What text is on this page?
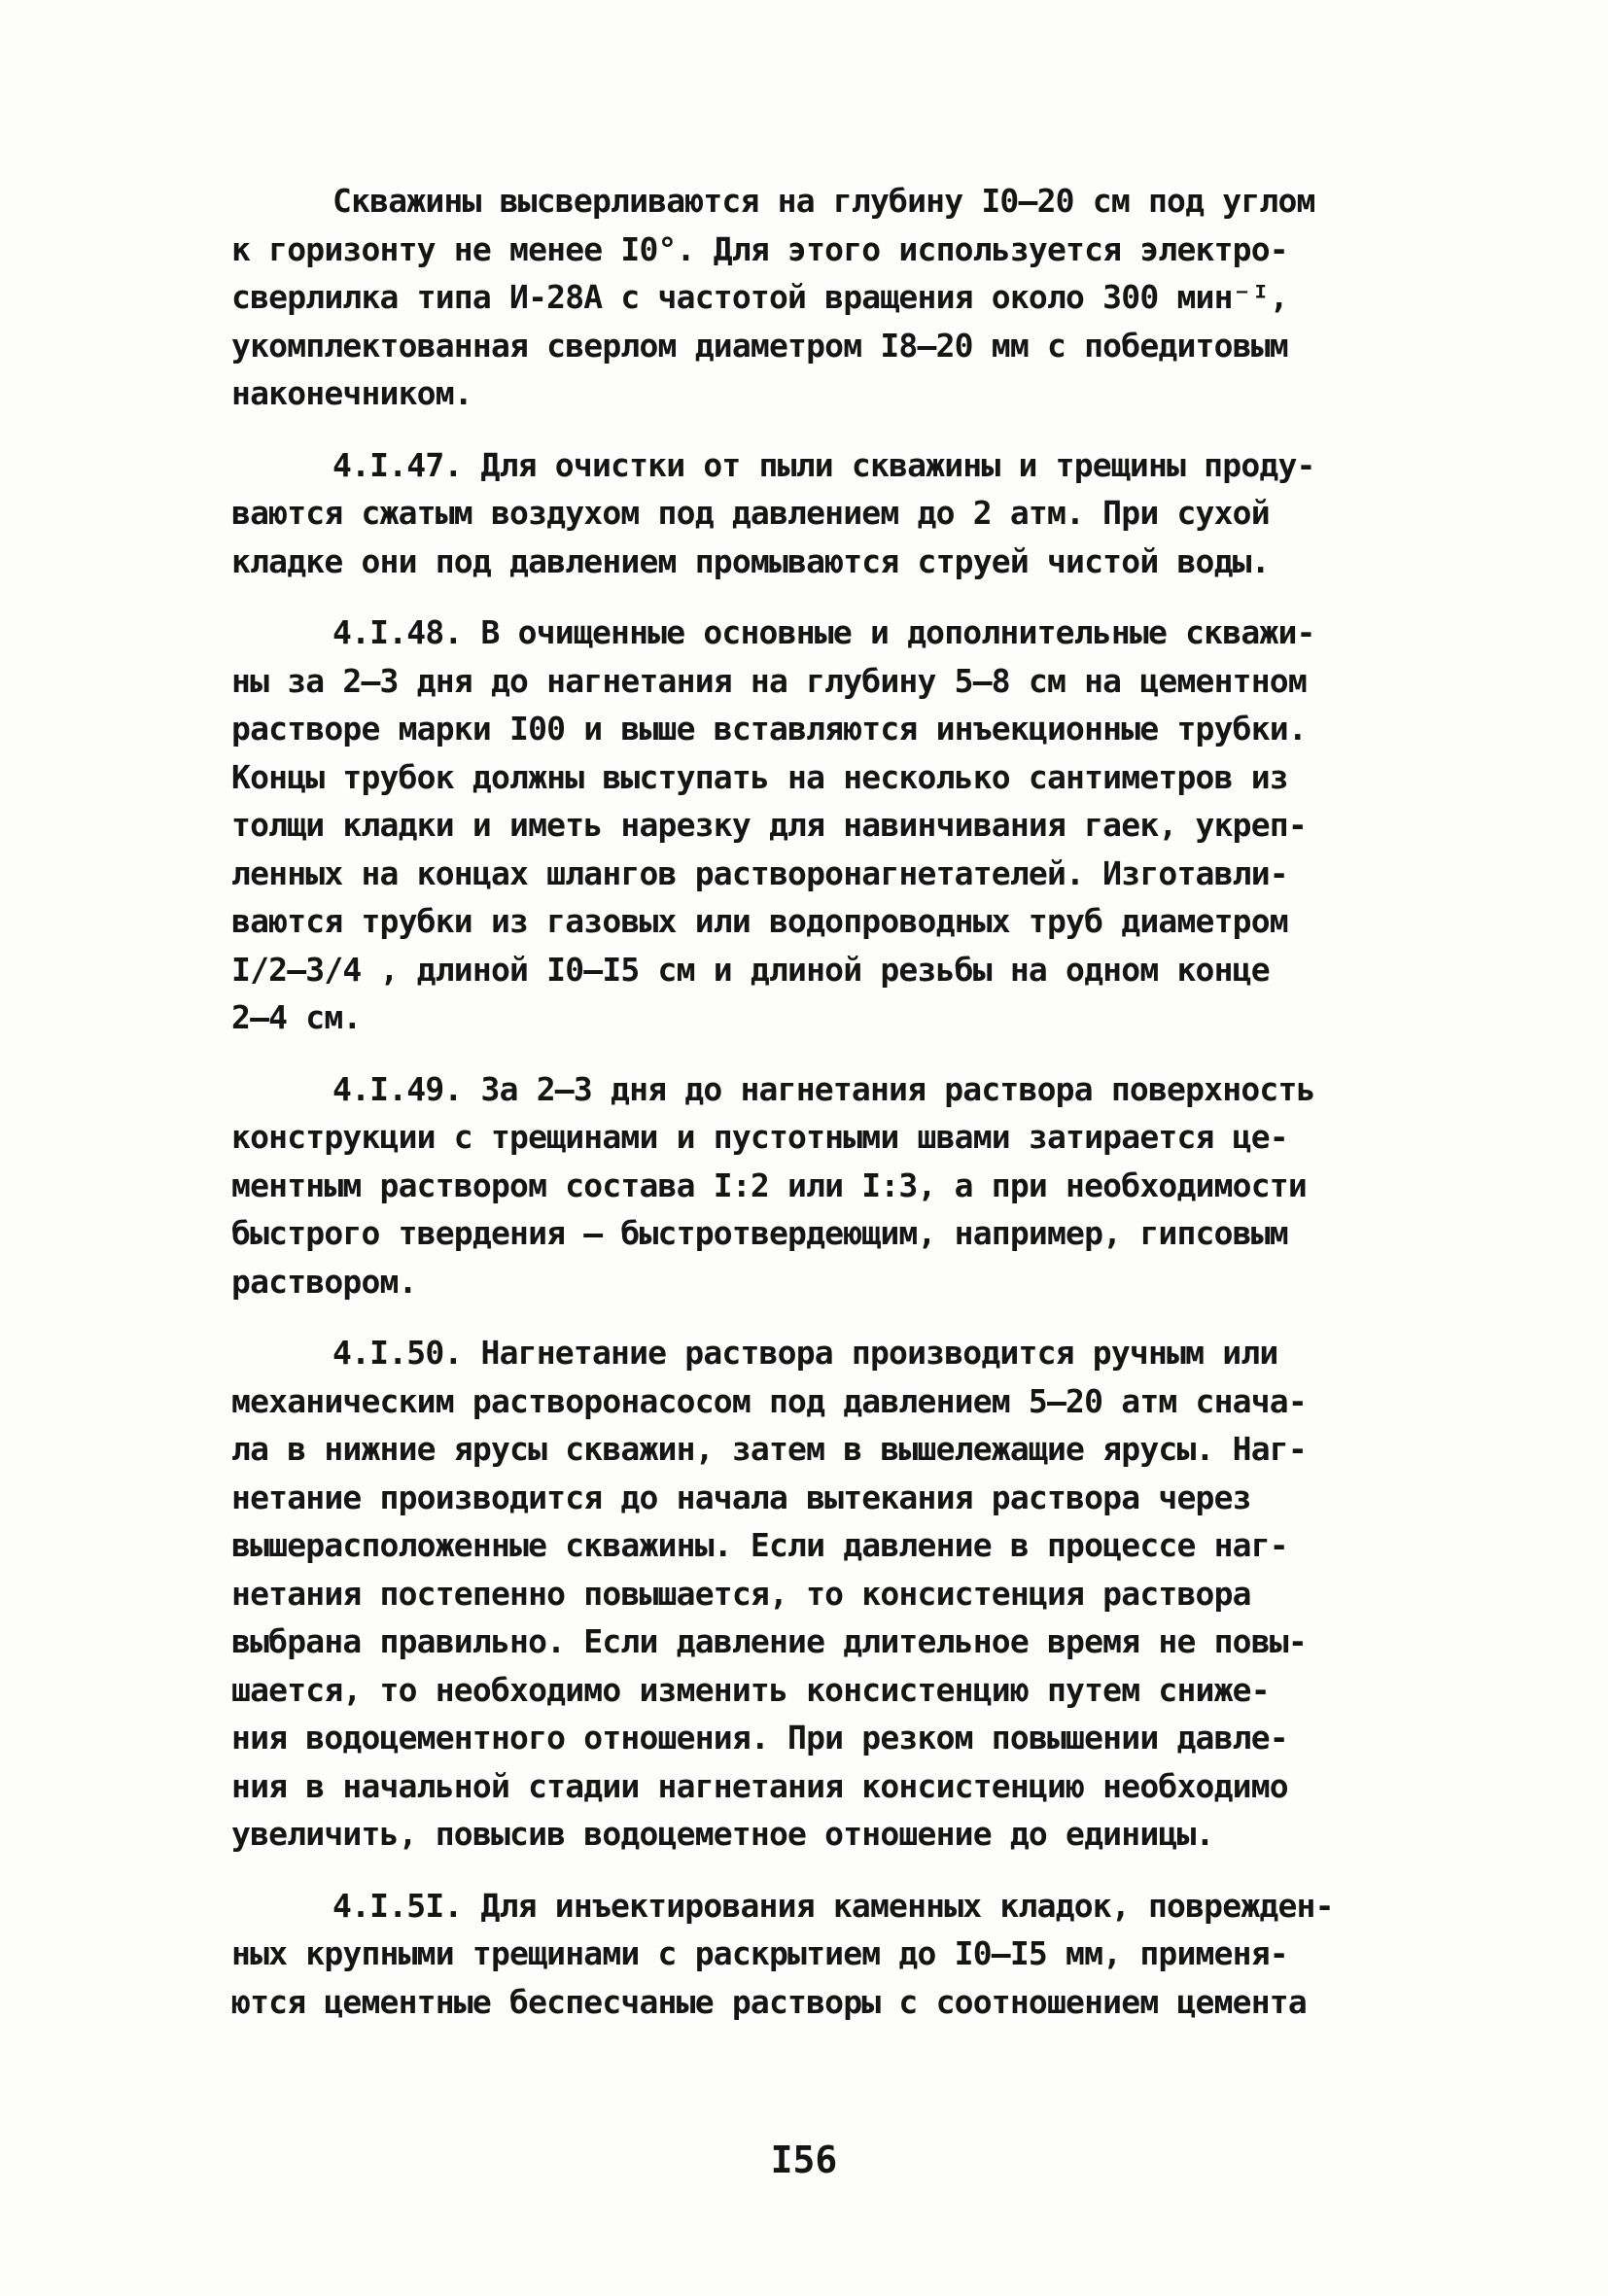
Скважины высверливаются на глубину I0–20 см под углом
к горизонту не менее I0°. Для этого используется электро-
сверлилка типа И-28А с частотой вращения около 300 мин⁻ᴵ,
укомплектованная сверлом диаметром I8–20 мм с победитовым
наконечником.

4.I.47. Для очистки от пыли скважины и трещины проду-
ваются сжатым воздухом под давлением до 2 атм. При сухой
кладке они под давлением промываются струей чистой воды.

4.I.48. В очищенные основные и дополнительные скважи-
ны за 2–3 дня до нагнетания на глубину 5–8 см на цементном
растворе марки I00 и выше вставляются инъекционные трубки.
Концы трубок должны выступать на несколько сантиметров из
толщи кладки и иметь нарезку для навинчивания гаек, укреп-
ленных на концах шлангов растворонагнетателей. Изготавли-
ваются трубки из газовых или водопроводных труб диаметром
I/2–3/4 , длиной I0–I5 см и длиной резьбы на одном конце
2–4 см.

4.I.49. За 2–3 дня до нагнетания раствора поверхность
конструкции с трещинами и пустотными швами затирается це-
ментным раствором состава I:2 или I:3, а при необходимости
быстрого твердения – быстротвердеющим, например, гипсовым
раствором.

4.I.50. Нагнетание раствора производится ручным или
механическим растворонасосом под давлением 5–20 атм снача-
ла в нижние ярусы скважин, затем в вышележащие ярусы. Наг-
нетание производится до начала вытекания раствора через
вышерасположенные скважины. Если давление в процессе наг-
нетания постепенно повышается, то консистенция раствора
выбрана правильно. Если давление длительное время не повы-
шается, то необходимо изменить консистенцию путем сниже-
ния водоцементного отношения. При резком повышении давле-
ния в начальной стадии нагнетания консистенцию необходимо
увеличить, повысив водоцеметное отношение до единицы.

4.I.5I. Для инъектирования каменных кладок, поврежден-
ных крупными трещинами с раскрытием до I0–I5 мм, применя-
ются цементные беспесчаные растворы с соотношением цемента

I56
